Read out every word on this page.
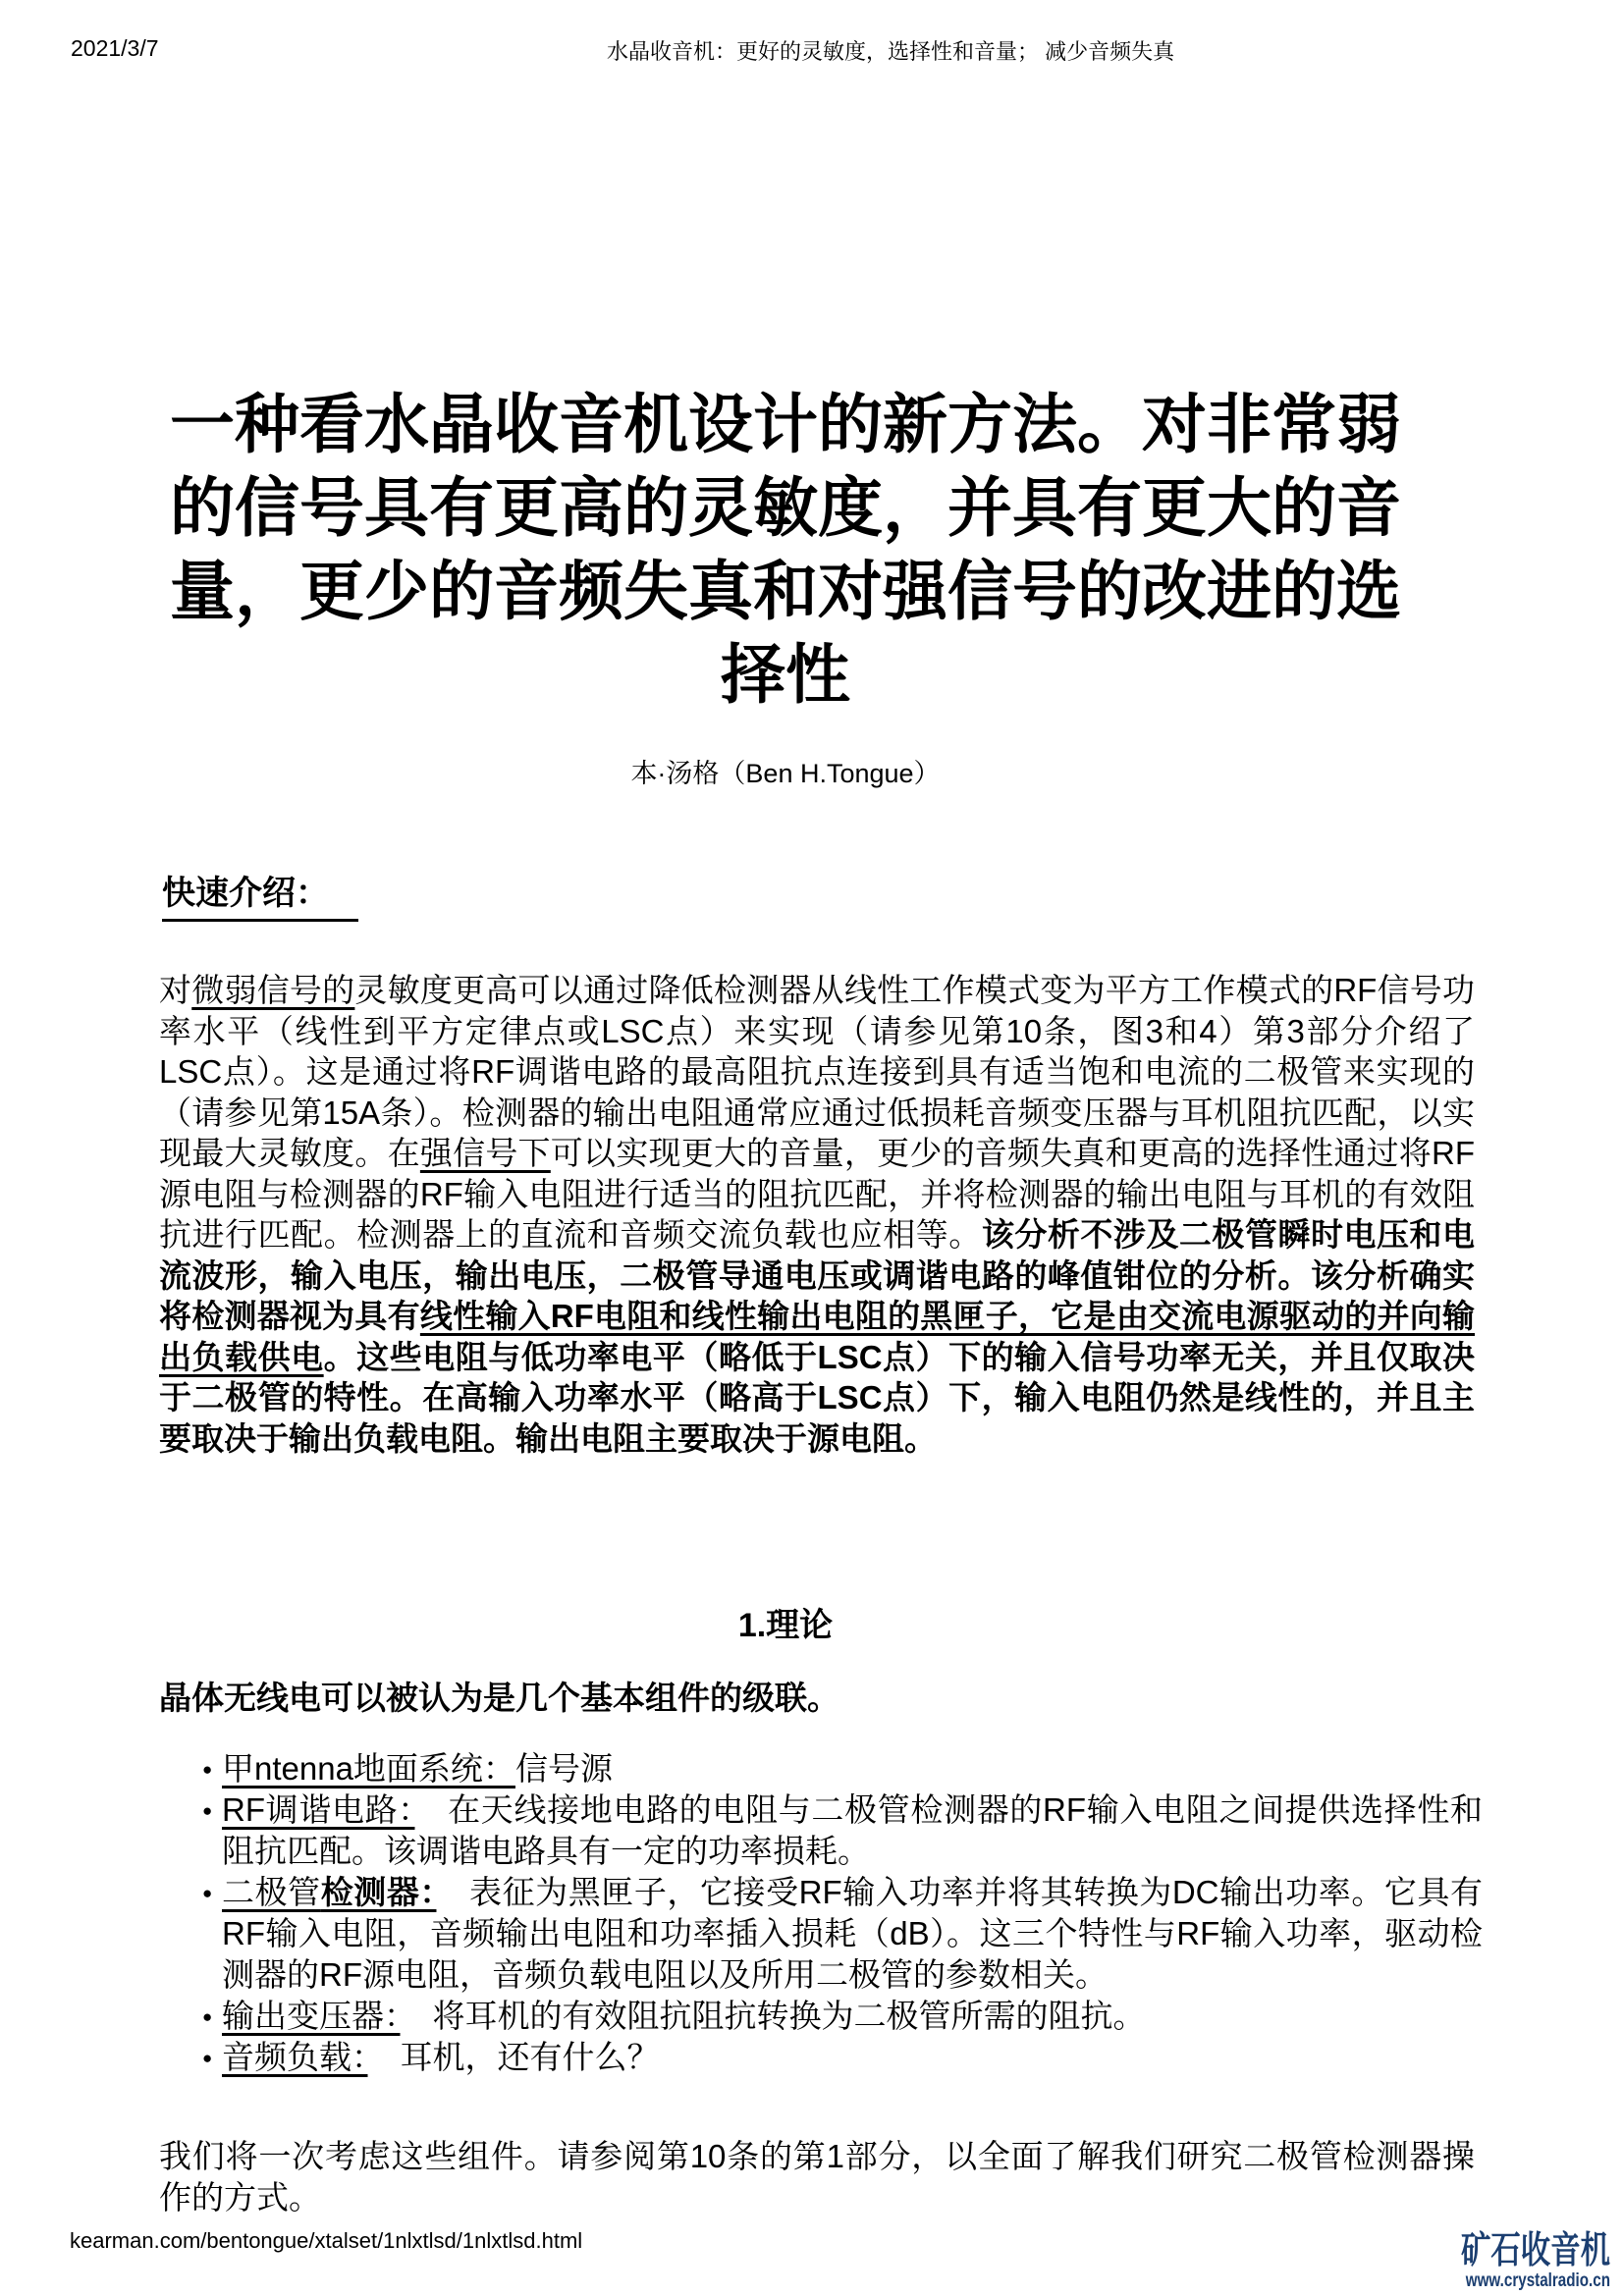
2021/3/7	水晶收音机：更好的灵敏度，选择性和音量； 减少音频失真
一种看水晶收音机设计的新方法。对非常弱
的信号具有更高的灵敏度，并具有更大的音
量，更少的音频失真和对强信号的改进的选
择性
本·汤格（Ben H.Tongue）
快速介绍：

对微弱信号的灵敏度更高可以通过降低检测器从线性工作模式变为平方工作模式的RF信号功率水平（线性到平方定律点或LSC点）来实现（请参见第10条，图3和4）第3部分介绍了LSC点）。这是通过将RF调谐电路的最高阻抗点连接到具有适当饱和电流的二极管来实现的（请参见第15A条）。检测器的输出电阻通常应通过低损耗音频变压器与耳机阻抗匹配，以实现最大灵敏度。在强信号下可以实现更大的音量，更少的音频失真和更高的选择性通过将RF源电阻与检测器的RF输入电阻进行适当的阻抗匹配，并将检测器的输出电阻与耳机的有效阻抗进行匹配。检测器上的直流和音频交流负载也应相等。该分析不涉及二极管瞬时电压和电流波形，输入电压，输出电压，二极管导通电压或调谐电路的峰值钳位的分析。该分析确实将检测器视为具有线性输入RF电阻和线性输出电阻的黑匣子，它是由交流电源驱动的并向输出负载供电。这些电阻与低功率电平（略低于LSC点）下的输入信号功率无关，并且仅取决于二极管的特性。在高输入功率水平（略高于LSC点）下，输入电阻仍然是线性的，并且主要取决于输出负载电阻。输出电阻主要取决于源电阻。

1.理论

晶体无线电可以被认为是几个基本组件的级联。

● 甲ntenna地面系统：信号源
● RF调谐电路：　在天线接地电路的电阻与二极管检测器的RF输入电阻之间提供选择性和阻抗匹配。该调谐电路具有一定的功率损耗。
● 二极管检测器：　表征为黑匣子，它接受RF输入功率并将其转换为DC输出功率。它具有RF输入电阻，音频输出电阻和功率插入损耗（dB）。这三个特性与RF输入功率，驱动检测器的RF源电阻，音频负载电阻以及所用二极管的参数相关。
● 输出变压器：　将耳机的有效阻抗阻抗转换为二极管所需的阻抗。
● 音频负载：　耳机，还有什么？

我们将一次考虑这些组件。请参阅第10条的第1部分，以全面了解我们研究二极管检测器操作的方式。

kearman.com/bentongue/xtalset/1nlxtlsd/1nlxtlsd.html	矿石收音机
www.crystalradio.cn
